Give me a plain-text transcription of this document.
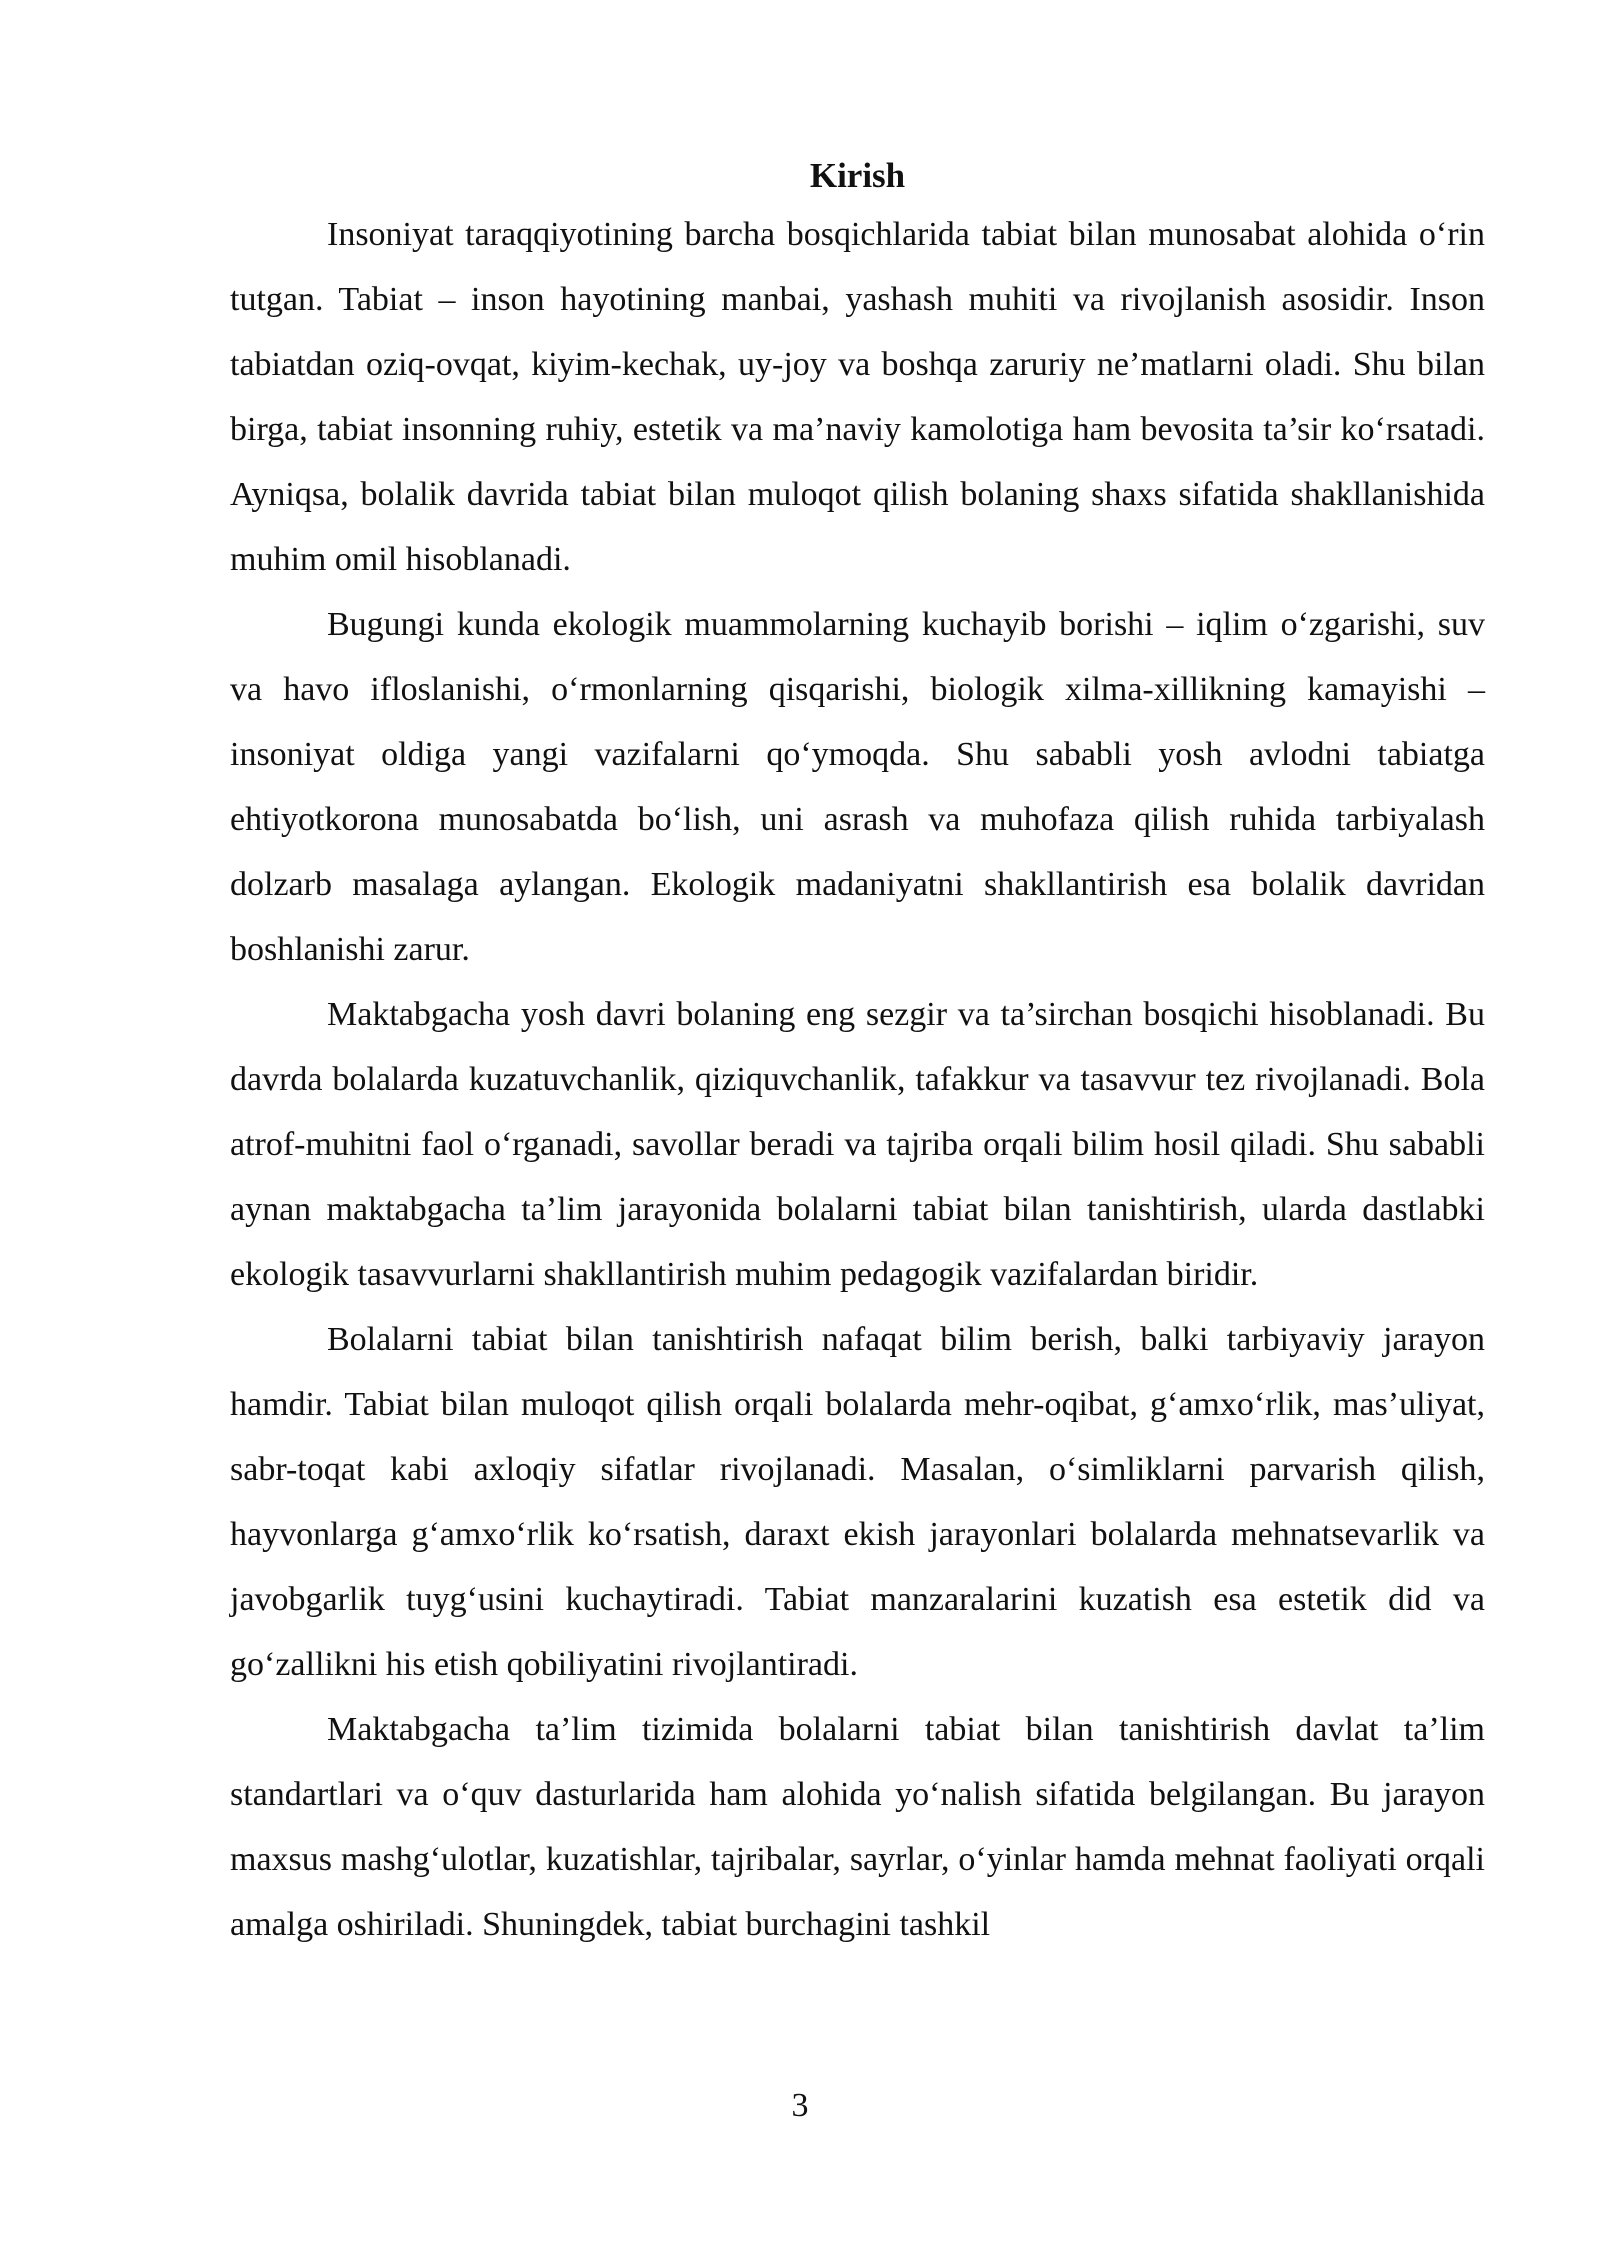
Kirish

Insoniyat taraqqiyotining barcha bosqichlarida tabiat bilan munosabat alohida o‘rin tutgan. Tabiat – inson hayotining manbai, yashash muhiti va rivojlanish asosidir. Inson tabiatdan oziq-ovqat, kiyim-kechak, uy-joy va boshqa zaruriy ne’matlarni oladi. Shu bilan birga, tabiat insonning ruhiy, estetik va ma’naviy kamolotiga ham bevosita ta’sir ko‘rsatadi. Ayniqsa, bolalik davrida tabiat bilan muloqot qilish bolaning shaxs sifatida shakllanishida muhim omil hisoblanadi.

Bugungi kunda ekologik muammolarning kuchayib borishi – iqlim o‘zgarishi, suv va havo ifloslanishi, o‘rmonlarning qisqarishi, biologik xilma-xillikning kamayishi – insoniyat oldiga yangi vazifalarni qo‘ymoqda. Shu sababli yosh avlodni tabiatga ehtiyotkorona munosabatda bo‘lish, uni asrash va muhofaza qilish ruhida tarbiyalash dolzarb masalaga aylangan. Ekologik madaniyatni shakllantirish esa bolalik davridan boshlanishi zarur.

Maktabgacha yosh davri bolaning eng sezgir va ta’sirchan bosqichi hisoblanadi. Bu davrda bolalarda kuzatuvchanlik, qiziquvchanlik, tafakkur va tasavvur tez rivojlanadi. Bola atrof-muhitni faol o‘rganadi, savollar beradi va tajriba orqali bilim hosil qiladi. Shu sababli aynan maktabgacha ta’lim jarayonida bolalarni tabiat bilan tanishtirish, ularda dastlabki ekologik tasavvurlarni shakllantirish muhim pedagogik vazifalardan biridir.

Bolalarni tabiat bilan tanishtirish nafaqat bilim berish, balki tarbiyaviy jarayon hamdir. Tabiat bilan muloqot qilish orqali bolalarda mehr-oqibat, g‘amxo‘rlik, mas’uliyat, sabr-toqat kabi axloqiy sifatlar rivojlanadi. Masalan, o‘simliklarni parvarish qilish, hayvonlarga g‘amxo‘rlik ko‘rsatish, daraxt ekish jarayonlari bolalarda mehnatsevarlik va javobgarlik tuyg‘usini kuchaytiradi. Tabiat manzaralarini kuzatish esa estetik did va go‘zallikni his etish qobiliyatini rivojlantiradi.

Maktabgacha ta’lim tizimida bolalarni tabiat bilan tanishtirish davlat ta’lim standartlari va o‘quv dasturlarida ham alohida yo‘nalish sifatida belgilangan. Bu jarayon maxsus mashg‘ulotlar, kuzatishlar, tajribalar, sayrlar, o‘yinlar hamda mehnat faoliyati orqali amalga oshiriladi. Shuningdek, tabiat burchagini tashkil

3
